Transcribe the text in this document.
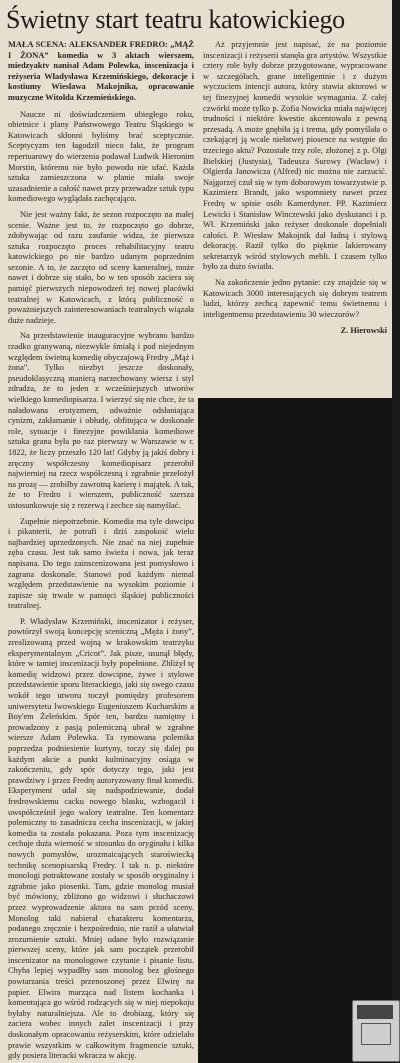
Świetny start teatru katowickiego
MAŁA SCENA: ALEKSANDER FREDRO: „MĄŻ I ŻONA” komedia w 3 aktach wierszem, miedzyaktv nanisał Adam Polewka, inscenizacja i reżyseria Władysława Krzemińskiego, dekoracje i kostiumy Wiesława Makojnika, opracowanie muzyczne Witolda Krzemieńskiego.

Naucze ni doświadczeniem ubiegłego roku, obietnice i plany Państwowego Teatru Śląskiego w Katowicach skłonni byliśmy brać sceptycznie. Sceptycyzm ten łagodził nieco fakt, że program repertuarowy do wierzenia podawał Ludwik Hieronim Morstin, któremu nie było powodu nie ufać. Każda sztuka zamieszczona w planie miała swoje uzasadnienie a całość nawet przy przewadze sztuk typu komediowego wyglądała zachęcająco.

Nie jest ważny fakt, że sezon rozpoczęto na małej scenie. Ważne jest to, że rozpoczęto go dobrze, zdobywając od razu zaufanie widza, że pierwsza sztuka rozpoczęto proces rehabilitacyjny teatru katowickiego po nie bardzo udanym poprzednim sezonie. A to, że zaczęto od sceny kameralnej, może nawet i dobrze się stało, bo w ten sposób zaciera się pamięć pierwszych niepowodzeń tej nowej placówki teatralnej w Katowicach, z którą publiczność o poważniejszych zainteresowaniach teatralnych wiązała duże nadzieje.

Na przedstawienie inauguracyjne wybrano bardzo rzadko granywaną, niezwykle śmiałą i pod niejednym względem świetną komedię obyczajową Fredry „Mąż i żona”. Tylko niezbyt jeszcze doskonały, pseudoklasyczną manierą narzechowany wiersz i styl zdradza, że to jeden z wcześniejszych utworów wielkiego komediopisarza. I wierzyć się nie chce, że ta naładowana erotyzmem, odważnie odsłaniająca cynizm, zakłamanie i obłudę, obfitująca w doskonałe role, sytuacje i finezyjne powikłania komediowe sztuka grana była po raz pierwszy w Warszawie w r. 1822, że liczy przeszło 120 lat! Gdyby ją jakiś dobry i zręczny współczesny komediopisarz przerobił najwierniej na rzecz współczesną i zgrabnie przełożył na prozę — zrobiłby zawrotną karierę i majątek. A tak, że to Fredro i wierszem, publiczność szersza ustosunkowuje się z rezerwą i zechce się namyślać.

Zupełnie niepotrzebnie. Komedia ma tyle dowcipu i pikanterii, że potrafi i dziś zaspokoić wielu najbardziej uprzedzonych. Nie znać na niej zupełnie zęba czasu. Jest tak samo świeża i nowa, jak teraz napisana. Do tego zainscenizowana jest pomysłowo i zagrana doskonale. Stanowi pod każdym niemal względem przedstawienie na wysokim poziomie i zapisze się trwale w pamięci śląskiej publiczności teatralnej.

P. Władysław Krzemiński, inscenizator i reżyser, powtórzył swoją koncepcję sceniczną „Męża i żony”, zrealizowaną przed wojną w krakowskim teatrzyku eksperymentalnym „Cricot”. Jak pisze, usunął błędy, które w tamtej inscenizacji były popełnione. Zbliżył tę komedię widzowi przez dowcipne, żywe i stylowe przedstawienie sporu literackiego, jaki się swego czasu wokół tego utworu toczył pomiędzy profesorem uniwersytetu lwowskiego Eugeniuszem Kucharskim a Boy'em Żeleńskim. Spór ten, bardzo namiętny i prowadzony z pasją polemiczną ubrał w zgrabne wiersze Adam Polewka. Ta rymowana polemika poprzedza podniesienie kurtyny, toczy się dalej po każdym akcie a punkt kulminacyjny osiąga w zakończeniu, gdy spór dotyczy tego, jaki jest prawdziwy i przez Fredrę autoryzowany finał komedii. Eksperyment udał się nadspodziewanie, dodał fredrowskiemu cacku nowego blasku, wzbogacił i uwspółcześnił jego walory teatralne. Ten komentarz polemiczny to zasadnicza cecha inscenizacji, w jakiej komedia ta została pokazana. Poza tym inscenizację cechuje duża wierność w stosunku do oryginału i kilka nowych pomysłów, urozmaicających staroświecką technikę scenopisarską Fredry. I tak n. p. niektóre monologi potraktowane zostały w sposób oryginalny i zgrabnie jako piosenki. Tam, gdzie monolog musiał być mówiony, zbliżono go widzowi i słuchaczowi przez wyprowadzenie aktora na sam przód sceny. Monolog taki nabierał charakteru komentarza, podanego zręcznie i bezpośrednio, nie raził a ułatwiał zrozumienie sztuki. Mniej udane było rozwiązanie pierwszej sceny, które jak sam początek przerobił inscenizator na monologowe czytanie i pisanie listu. Chyba lepiej wypadłby sam monolog bez głośnego powtarzania treści przenoszonej przez Elwirę na papier. Elwira marząca nad listem kochanka i komentująca go wśród rodzących się w niej niepokoju byłaby naturalniejsza. Ale to drobiazg, który się zaciera wobec innych zalet inscenizacji i przy doskonałym opracowaniu reżyserskim, które udzielało prawie wszystkim w całkowitym fragmencie sztuki, gdy posiera literacki wkracza w akcję.

Aż przyjemnie jest napisać, że na poziomie inscenizacji i reżyserii stanęła gra artystów. Wszystkie cztery role były dobrze przygotowane, wypracowane w szczegółach, grane inteligentnie i z dużym wyczuciem intencji autora, który stawia aktorowi w tej finezyjnej komedii wysokie wymagania. Z całej czwórki może tylko p. Zofia Nowicka miała najwięcej trudności i niektóre kwestie akcentowała z pewną przesadą. A może gnębiła ją i trema, gdy pomyślała o czekającej ją wcale niełatwej piosence na wstępie do trzeciego aktu? Pozostałe trzy role, złożonej z p. Olgi Bielskiej (Justysia), Tadeusza Surowy (Wacław) i Olgierda Janowicza (Alfred) nic można nie zarzucić. Najgorzej czuł się w tym doborowym towarzystwie p. Kazimierz Brandt, jako wspomniety nawet przez Fredrę w spisie osób Kamerdyner. PP. Kazimierz Lewicki i Stanisław Winczewski jako dyskutanci i p. Wł. Krzemiński jako reżyser doskonale dopełniali całości. P. Wiesław Makojnik dał ładną i stylową dekorację. Raził tylko tło pięknie lakierowany sekretarzyk wśród stylowych mebli. I czasem tylko było za dużo światła.

Na zakończenie jedno pytanie: czy znajdzie się w Katowicach 3000 interesujących się dobrym teatrem ludzi, którzy zechcą zapewnić temu świetnemu i inteligentnemu przedstawieniu 30 wieczorów?

Z. Hierowski
